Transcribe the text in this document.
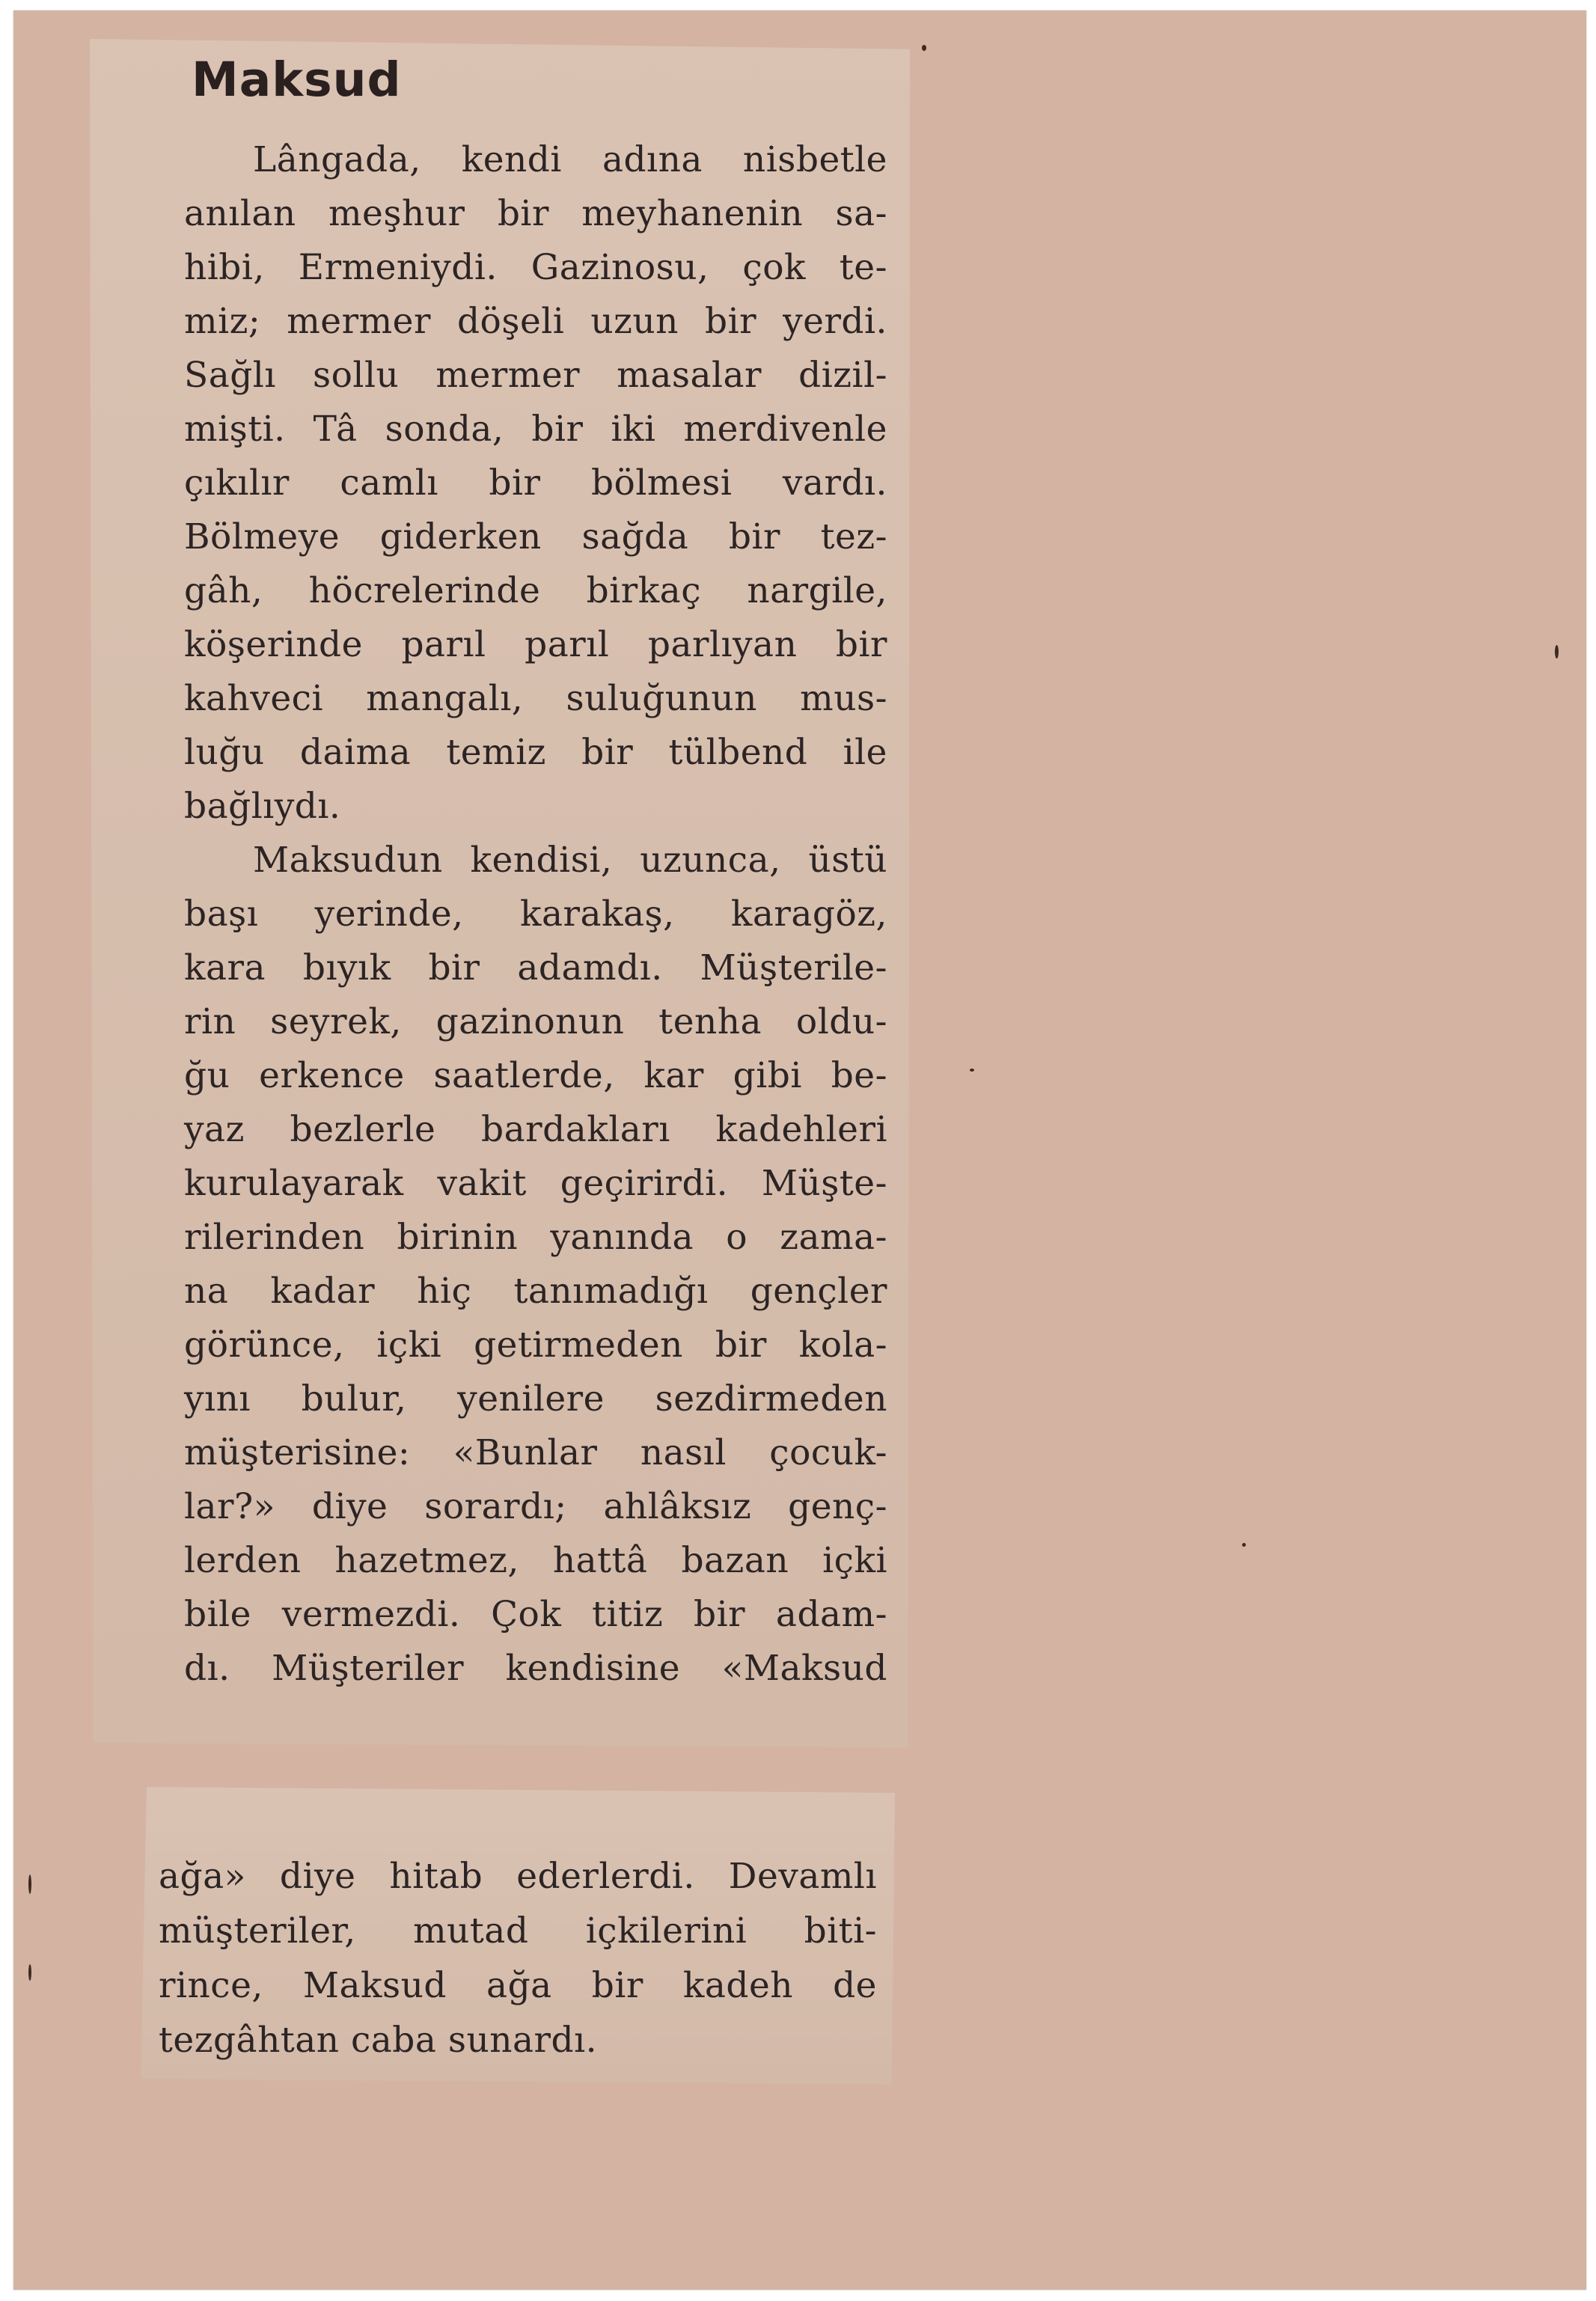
Maksud
Lângada, kendi adına nisbetle
anılan meşhur bir meyhanenin sa-
hibi, Ermeniydi. Gazinosu, çok te-
miz; mermer döşeli uzun bir yerdi.
Sağlı sollu mermer masalar dizil-
mişti. Tâ sonda, bir iki merdivenle
çıkılır camlı bir bölmesi vardı.
Bölmeye giderken sağda bir tez-
gâh, höcrelerinde birkaç nargile,
köşerinde parıl parıl parlıyan bir
kahveci mangalı, suluğunun mus-
luğu daima temiz bir tülbend ile
bağlıydı.
Maksudun kendisi, uzunca, üstü
başı yerinde, karakaş, karagöz,
kara bıyık bir adamdı. Müşterile-
rin seyrek, gazinonun tenha oldu-
ğu erkence saatlerde, kar gibi be-
yaz bezlerle bardakları kadehleri
kurulayarak vakit geçirirdi. Müşte-
rilerinden birinin yanında o zama-
na kadar hiç tanımadığı gençler
görünce, içki getirmeden bir kola-
yını bulur, yenilere sezdirmeden
müşterisine: «Bunlar nasıl çocuk-
lar?» diye sorardı; ahlâksız genç-
lerden hazetmez, hattâ bazan içki
bile vermezdi. Çok titiz bir adam-
dı. Müşteriler kendisine «Maksud
ağa» diye hitab ederlerdi. Devamlı
müşteriler, mutad içkilerini biti-
rince, Maksud ağa bir kadeh de
tezgâhtan caba sunardı.
